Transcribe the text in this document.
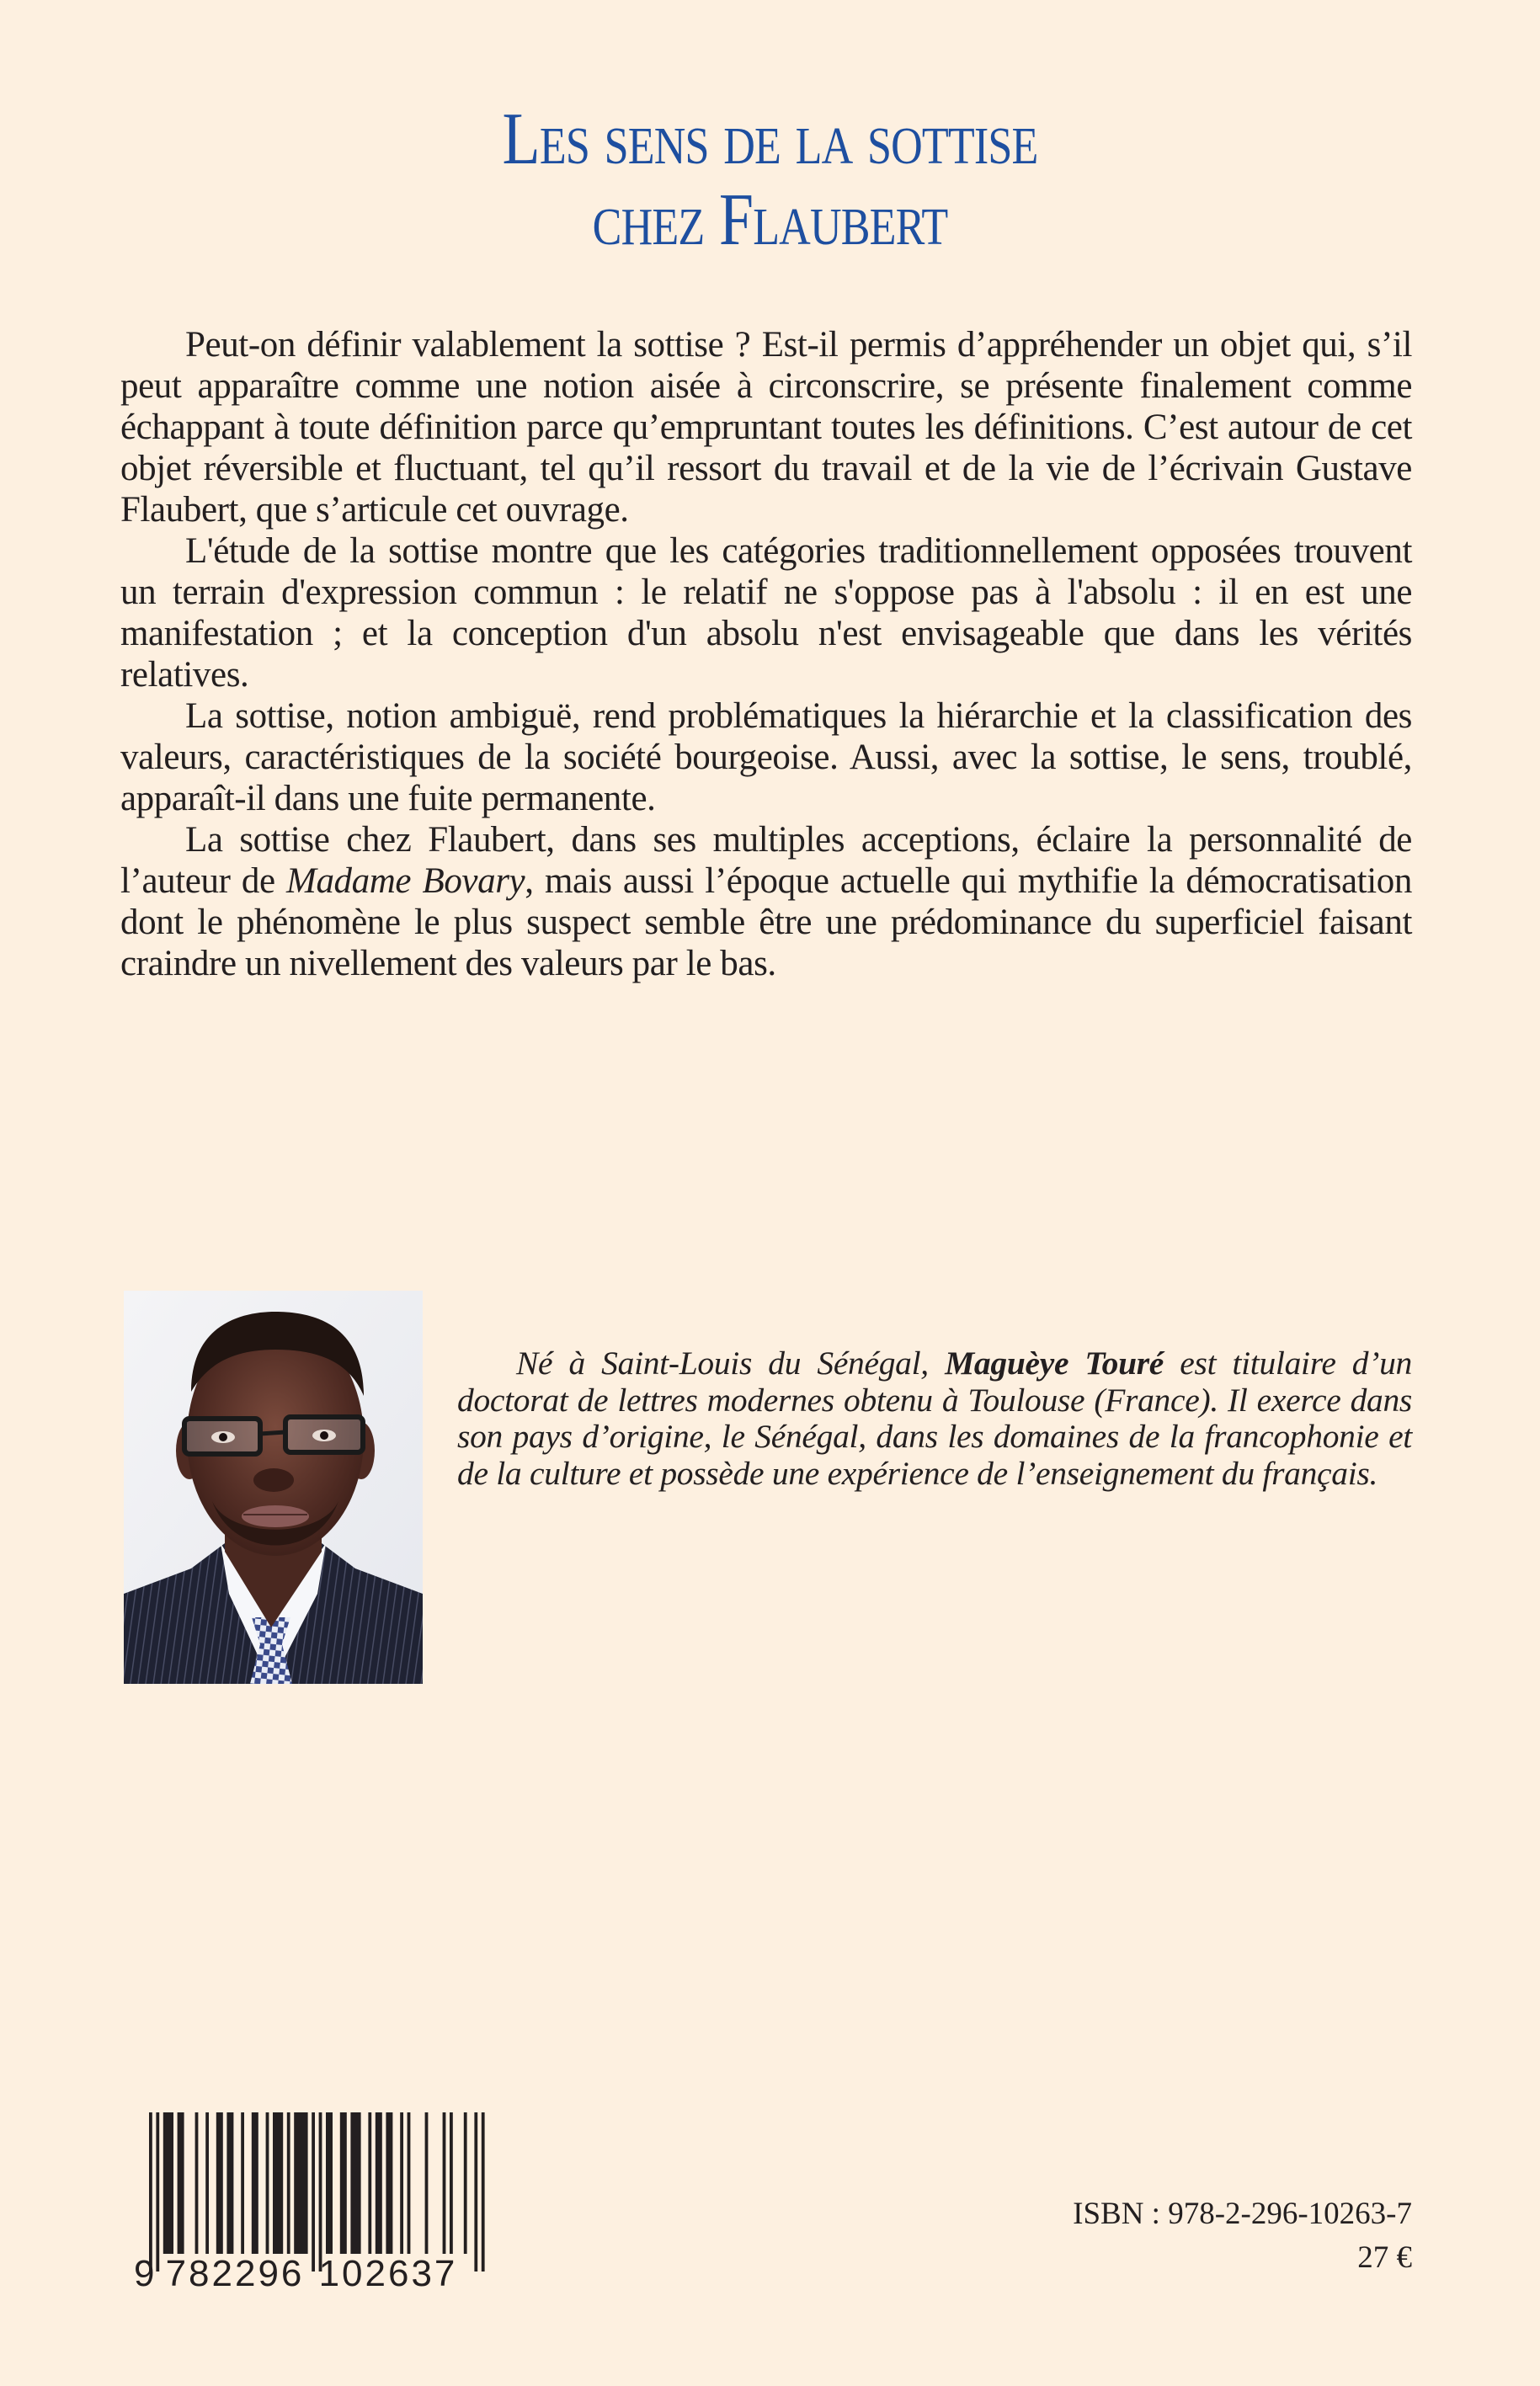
Les sens de la sottise
chez Flaubert

Peut-on définir valablement la sottise ? Est-il permis d’appréhender un objet qui, s’il peut apparaître comme une notion aisée à circonscrire, se présente finalement comme échappant à toute définition parce qu’empruntant toutes les définitions. C’est autour de cet objet réversible et fluctuant, tel qu’il ressort du travail et de la vie de l’écrivain Gustave Flaubert, que s’articule cet ouvrage.

L'étude de la sottise montre que les catégories traditionnellement opposées trouvent un terrain d'expression commun : le relatif ne s'oppose pas à l'absolu : il en est une manifestation ; et la conception d'un absolu n'est envisageable que dans les vérités relatives.

La sottise, notion ambiguë, rend problématiques la hiérarchie et la classification des valeurs, caractéristiques de la société bourgeoise. Aussi, avec la sottise, le sens, troublé, apparaît-il dans une fuite permanente.

La sottise chez Flaubert, dans ses multiples acceptions, éclaire la personnalité de l’auteur de Madame Bovary, mais aussi l’époque actuelle qui mythifie la démocratisation dont le phénomène le plus suspect semble être une prédominance du superficiel faisant craindre un nivellement des valeurs par le bas.

Né à Saint-Louis du Sénégal, Maguèye Touré est titulaire d’un doctorat de lettres modernes obtenu à Toulouse (France). Il exerce dans son pays d’origine, le Sénégal, dans les domaines de la francophonie et de la culture et possède une expérience de l’enseignement du français.

9 782296 102637
ISBN : 978-2-296-10263-7
27 €
